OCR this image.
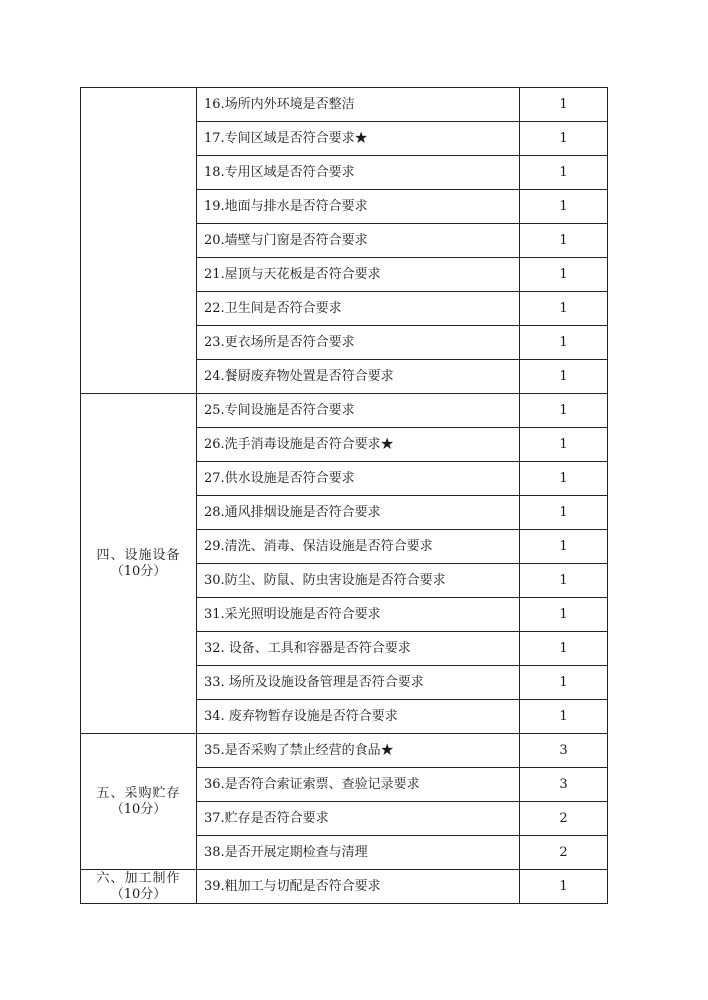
	16.场所内外环境是否整洁	1
	17.专间区域是否符合要求★	1
	18.专用区域是否符合要求	1
	19.地面与排水是否符合要求	1
	20.墙壁与门窗是否符合要求	1
	21.屋顶与天花板是否符合要求	1
	22.卫生间是否符合要求	1
	23.更衣场所是否符合要求	1
	24.餐厨废弃物处置是否符合要求	1

四、设施设备
（10分）	25.专间设施是否符合要求	1
	26.洗手消毒设施是否符合要求★	1
	27.供水设施是否符合要求	1
	28.通风排烟设施是否符合要求	1
	29.清洗、消毒、保洁设施是否符合要求	1
	30.防尘、防鼠、防虫害设施是否符合要求	1
	31.采光照明设施是否符合要求	1
	32. 设备、工具和容器是否符合要求	1
	33. 场所及设施设备管理是否符合要求	1
	34. 废弃物暂存设施是否符合要求	1

五、采购贮存
（10分）	35.是否采购了禁止经营的食品★	3
	36.是否符合索证索票、查验记录要求	3
	37.贮存是否符合要求	2
	38.是否开展定期检查与清理	2

六、加工制作
（10分）	39.粗加工与切配是否符合要求	1
